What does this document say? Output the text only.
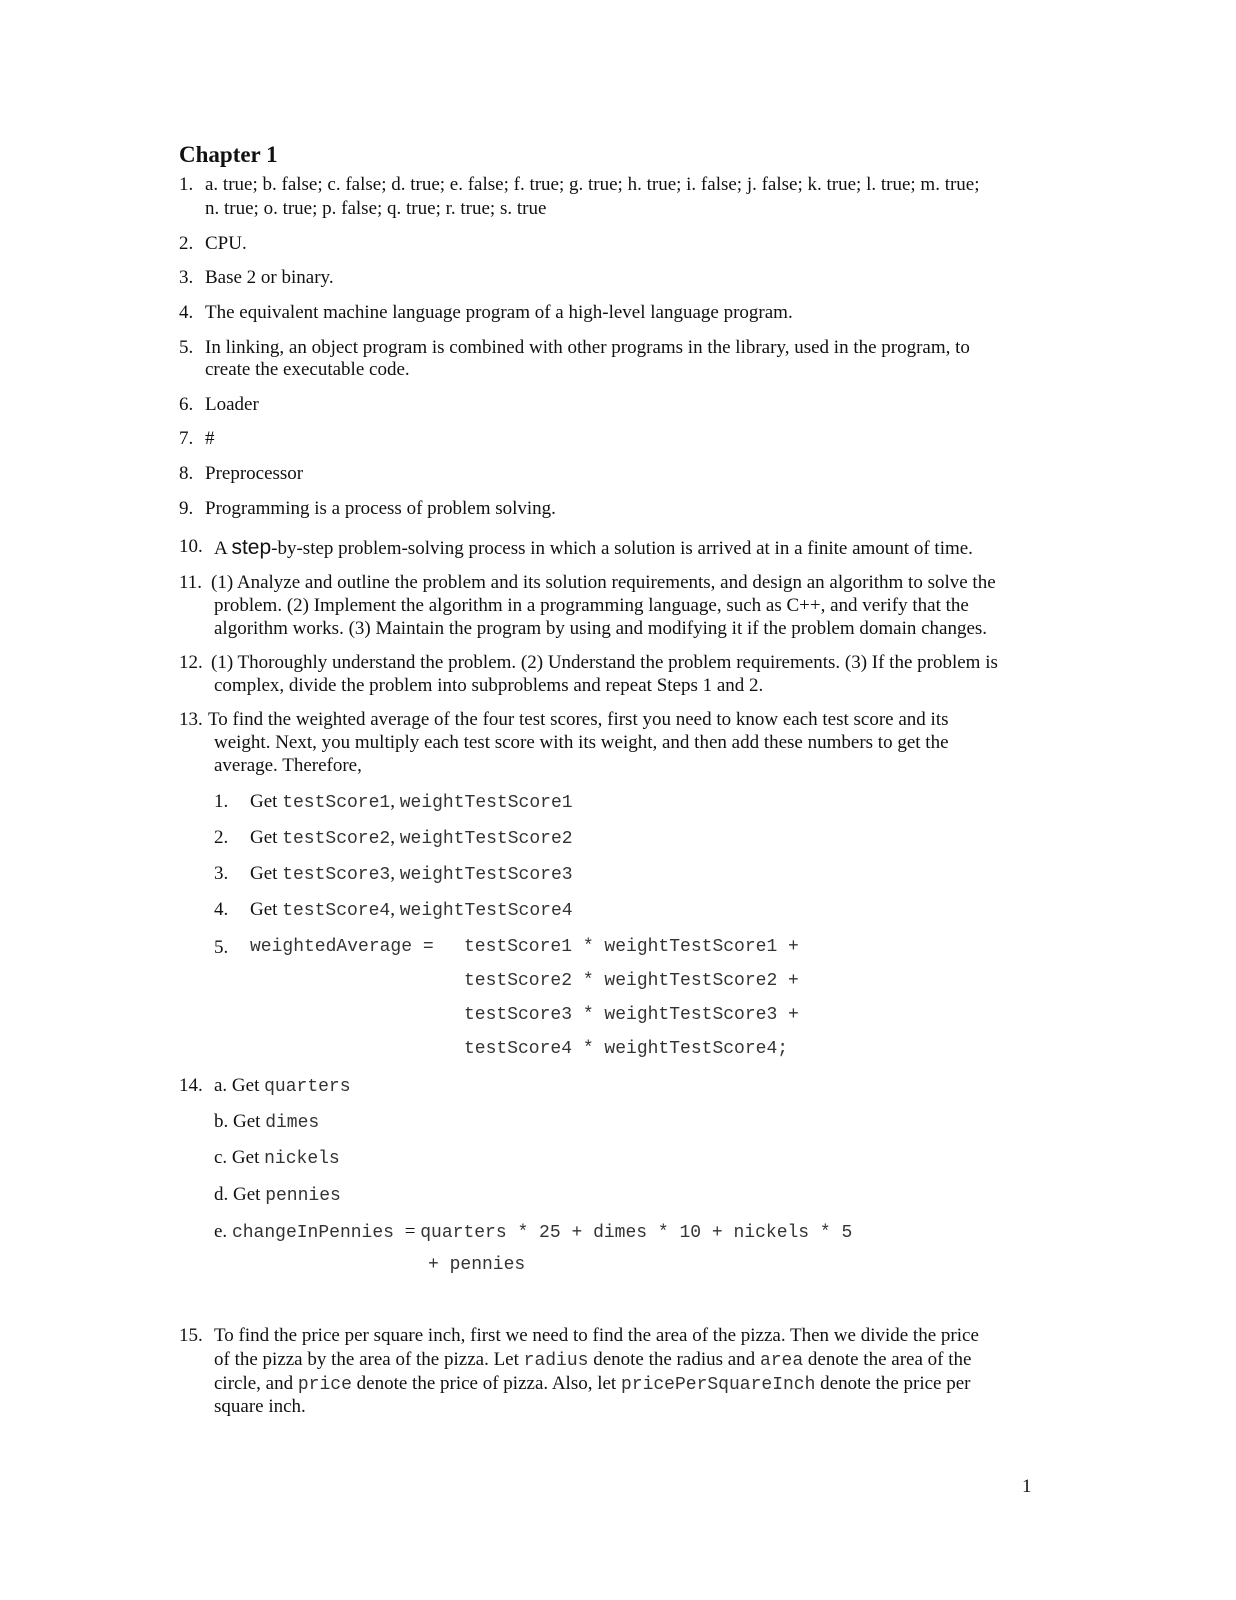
Chapter 1
1. a. true; b. false; c. false; d. true; e. false; f. true; g. true; h. true; i. false; j. false; k. true; l. true; m. true;
n. true; o. true; p. false; q. true; r. true; s. true
2. CPU.
3. Base 2 or binary.
4. The equivalent machine language program of a high-level language program.
5. In linking, an object program is combined with other programs in the library, used in the program, to
create the executable code.
6. Loader
7. #
8. Preprocessor
9. Programming is a process of problem solving.
10. A step-by-step problem-solving process in which a solution is arrived at in a finite amount of time.
11. (1) Analyze and outline the problem and its solution requirements, and design an algorithm to solve the
problem. (2) Implement the algorithm in a programming language, such as C++, and verify that the
algorithm works. (3) Maintain the program by using and modifying it if the problem domain changes.
12. (1) Thoroughly understand the problem. (2) Understand the problem requirements. (3) If the problem is
complex, divide the problem into subproblems and repeat Steps 1 and 2.
13. To find the weighted average of the four test scores, first you need to know each test score and its
weight. Next, you multiply each test score with its weight, and then add these numbers to get the
average. Therefore,
1. Get testScore1, weightTestScore1
2. Get testScore2, weightTestScore2
3. Get testScore3, weightTestScore3
4. Get testScore4, weightTestScore4
5. weightedAverage = testScore1 * weightTestScore1 +
testScore2 * weightTestScore2 +
testScore3 * weightTestScore3 +
testScore4 * weightTestScore4;
14. a. Get quarters
b. Get dimes
c. Get nickels
d. Get pennies
e. changeInPennies = quarters * 25 + dimes * 10 + nickels * 5
+ pennies
15. To find the price per square inch, first we need to find the area of the pizza. Then we divide the price
of the pizza by the area of the pizza. Let radius denote the radius and area denote the area of the
circle, and price denote the price of pizza. Also, let pricePerSquareInch denote the price per
square inch.
1
